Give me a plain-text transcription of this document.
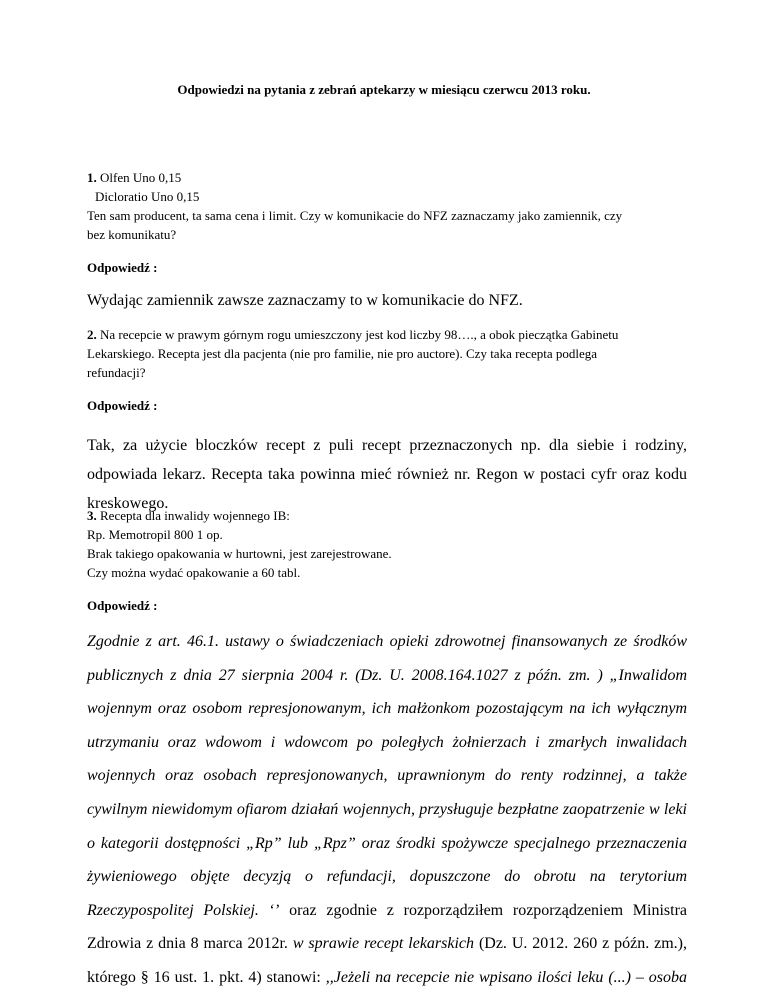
Odpowiedzi na pytania z zebrań aptekarzy w miesiącu czerwcu 2013 roku.
1. Olfen Uno 0,15
Dicloratio Uno 0,15
Ten sam producent, ta sama cena i limit. Czy w komunikacie do NFZ zaznaczamy jako zamiennik, czy
bez komunikatu?
Odpowiedź :
Wydając zamiennik zawsze zaznaczamy to w komunikacie do NFZ.
2. Na recepcie w prawym górnym rogu umieszczony jest kod liczby 98…., a obok pieczątka Gabinetu
Lekarskiego. Recepta jest dla pacjenta (nie pro familie, nie pro auctore). Czy taka recepta podlega
refundacji?
Odpowiedź :
Tak, za użycie bloczków recept z puli recept przeznaczonych np. dla siebie i rodziny,
odpowiada lekarz. Recepta taka powinna mieć również nr. Regon w postaci cyfr oraz kodu
kreskowego.
3. Recepta dla inwalidy wojennego IB:
Rp. Memotropil 800 1 op.
Brak takiego opakowania w hurtowni, jest zarejestrowane.
Czy można wydać opakowanie a 60 tabl.
Odpowiedź :
Zgodnie z art. 46.1. ustawy o świadczeniach opieki zdrowotnej finansowanych ze środków
publicznych z dnia 27 sierpnia 2004 r. (Dz. U. 2008.164.1027 z późn. zm. ) „Inwalidom
wojennym oraz osobom represjonowanym, ich małżonkom pozostającym na ich wyłącznym
utrzymaniu oraz wdowom i wdowcom po poległych żołnierzach i zmarłych inwalidach
wojennych oraz osobach represjonowanych, uprawnionym do renty rodzinnej, a także
cywilnym niewidomym ofiarom działań wojennych, przysługuje bezpłatne zaopatrzenie w leki
o kategorii dostępności „Rp” lub „Rpz” oraz środki spożywcze specjalnego przeznaczenia
żywieniowego objęte decyzją o refundacji, dopuszczone do obrotu na terytorium
Rzeczypospolitej Polskiej. ‘’ oraz zgodnie z rozporządziłem rozporządzeniem Ministra
Zdrowia z dnia 8 marca 2012r. w sprawie recept lekarskich (Dz. U. 2012. 260 z późn. zm.),
którego § 16 ust. 1. pkt. 4) stanowi: ,,Jeżeli na recepcie nie wpisano ilości leku (...) – osoba
